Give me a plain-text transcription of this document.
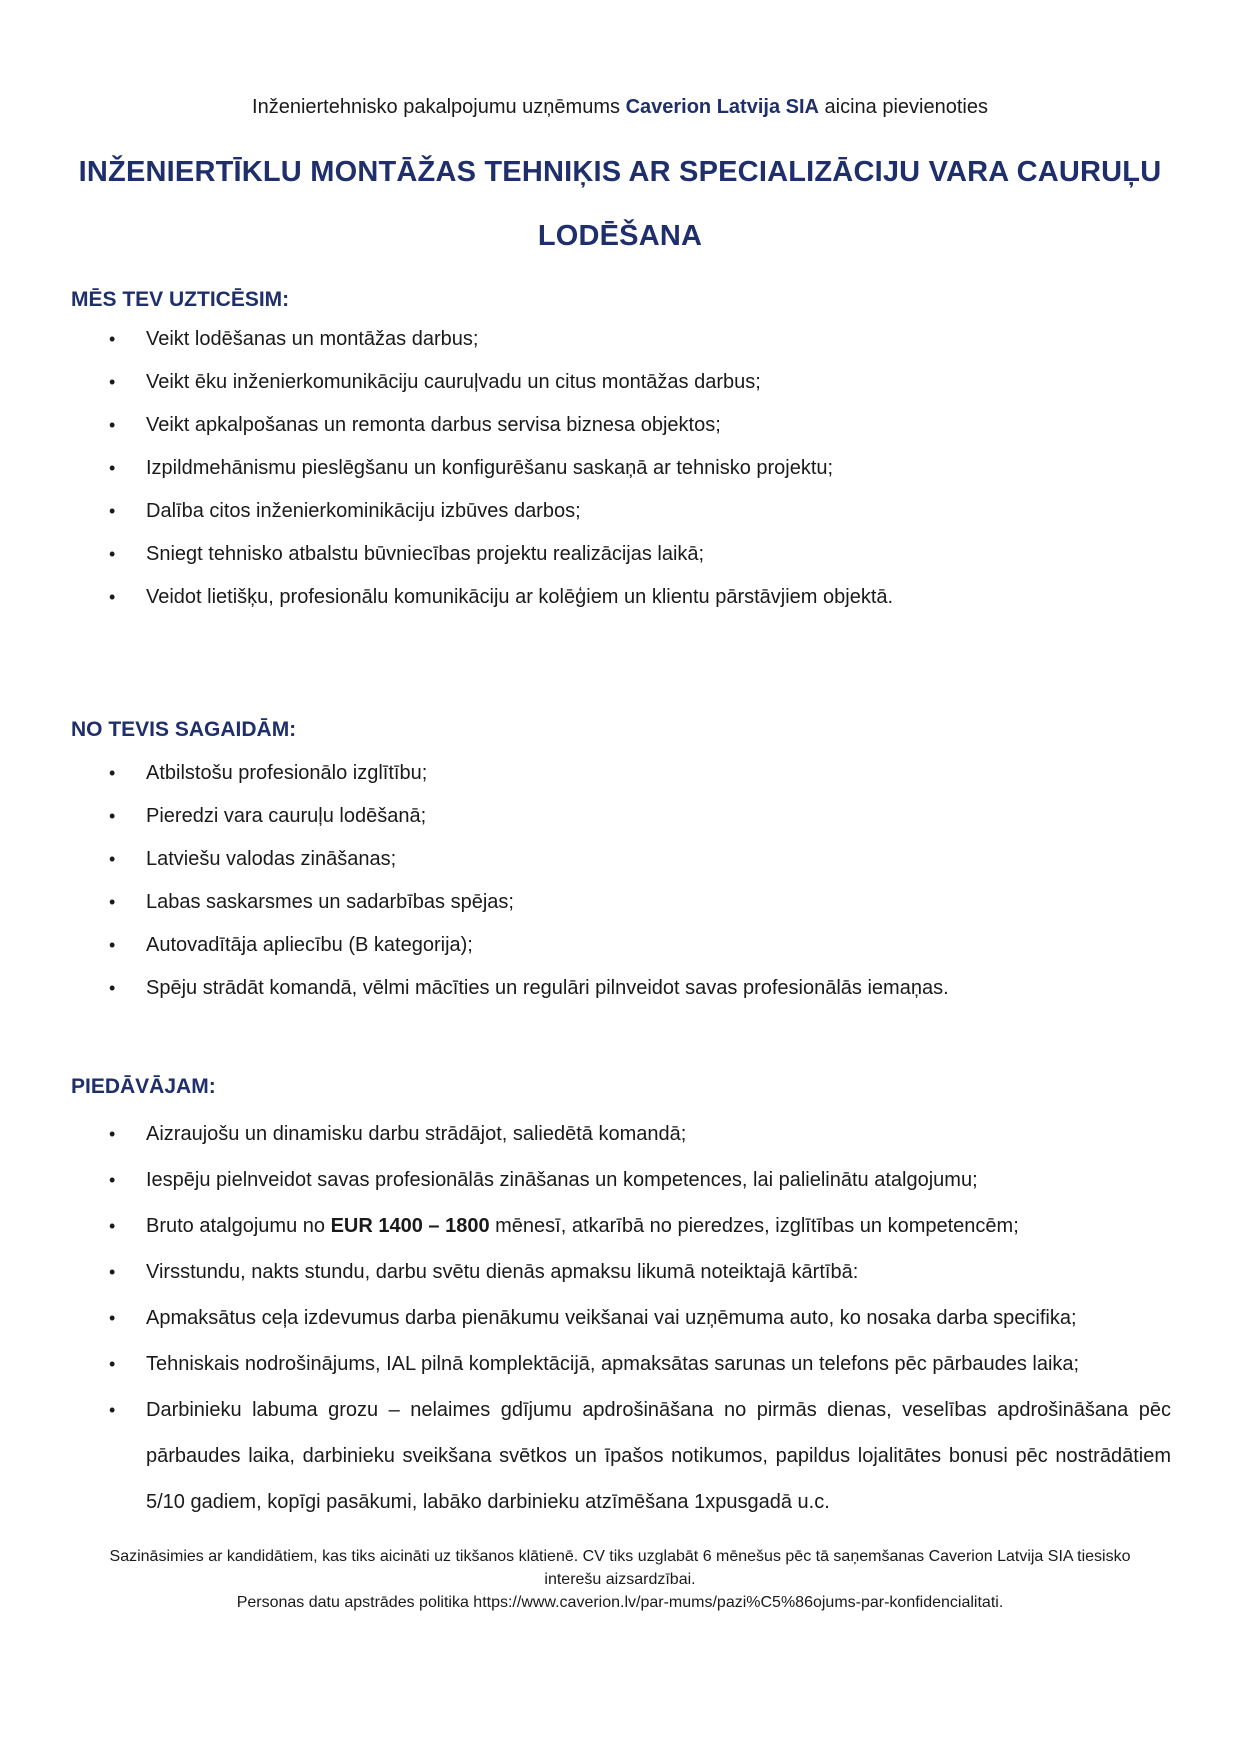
Inženiertehnisko pakalpojumu uzņēmums Caverion Latvija SIA aicina pievienoties
INŽENIERTĪKLU MONTĀŽAS TEHNIĶIS AR SPECIALIZĀCIJU VARA CAURUĻU LODĒŠANA
MĒS TEV UZTICĒSIM:
• Veikt lodēšanas un montāžas darbus;
• Veikt ēku inženierkomunikāciju cauruļvadu un citus montāžas darbus;
• Veikt apkalpošanas un remonta darbus servisa biznesa objektos;
• Izpildmehānismu pieslēgšanu un konfigurēšanu saskaņā ar tehnisko projektu;
• Dalība citos inženierkominikāciju izbūves darbos;
• Sniegt tehnisko atbalstu būvniecības projektu realizācijas laikā;
• Veidot lietišķu, profesionālu komunikāciju ar kolēģiem un klientu pārstāvjiem objektā.
NO TEVIS SAGAIDĀM:
• Atbilstošu profesionālo izglītību;
• Pieredzi vara cauruļu lodēšanā;
• Latviešu valodas zināšanas;
• Labas saskarsmes un sadarbības spējas;
• Autovadītāja apliecību (B kategorija);
• Spēju strādāt komandā, vēlmi mācīties un regulāri pilnveidot savas profesionālās iemaņas.
PIEDĀVĀJAM:
• Aizraujošu un dinamisku darbu strādājot, saliedētā komandā;
• Iespēju pielnveidot savas profesionālās zināšanas un kompetences, lai palielinātu atalgojumu;
• Bruto atalgojumu no EUR 1400 – 1800 mēnesī, atkarībā no pieredzes, izglītības un kompetencēm;
• Virsstundu, nakts stundu, darbu svētu dienās apmaksu likumā noteiktajā kārtībā:
• Apmaksātus ceļa izdevumus darba pienākumu veikšanai vai uzņēmuma auto, ko nosaka darba specifika;
• Tehniskais nodrošinājums, IAL pilnā komplektācijā, apmaksātas sarunas un telefons pēc pārbaudes laika;
• Darbinieku labuma grozu – nelaimes gdījumu apdrošināšana no pirmās dienas, veselības apdrošināšana pēc pārbaudes laika, darbinieku sveikšana svētkos un īpašos notikumos, papildus lojalitātes bonusi pēc nostrādātiem 5/10 gadiem, kopīgi pasākumi, labāko darbinieku atzīmēšana 1xpusgadā u.c.
Sazināsimies ar kandidātiem, kas tiks aicināti uz tikšanos klātienē. CV tiks uzglabāt 6 mēnešus pēc tā saņemšanas Caverion Latvija SIA tiesisko interešu aizsardzībai.
Personas datu apstrādes politika https://www.caverion.lv/par-mums/pazi%C5%86ojums-par-konfidencialitati.
